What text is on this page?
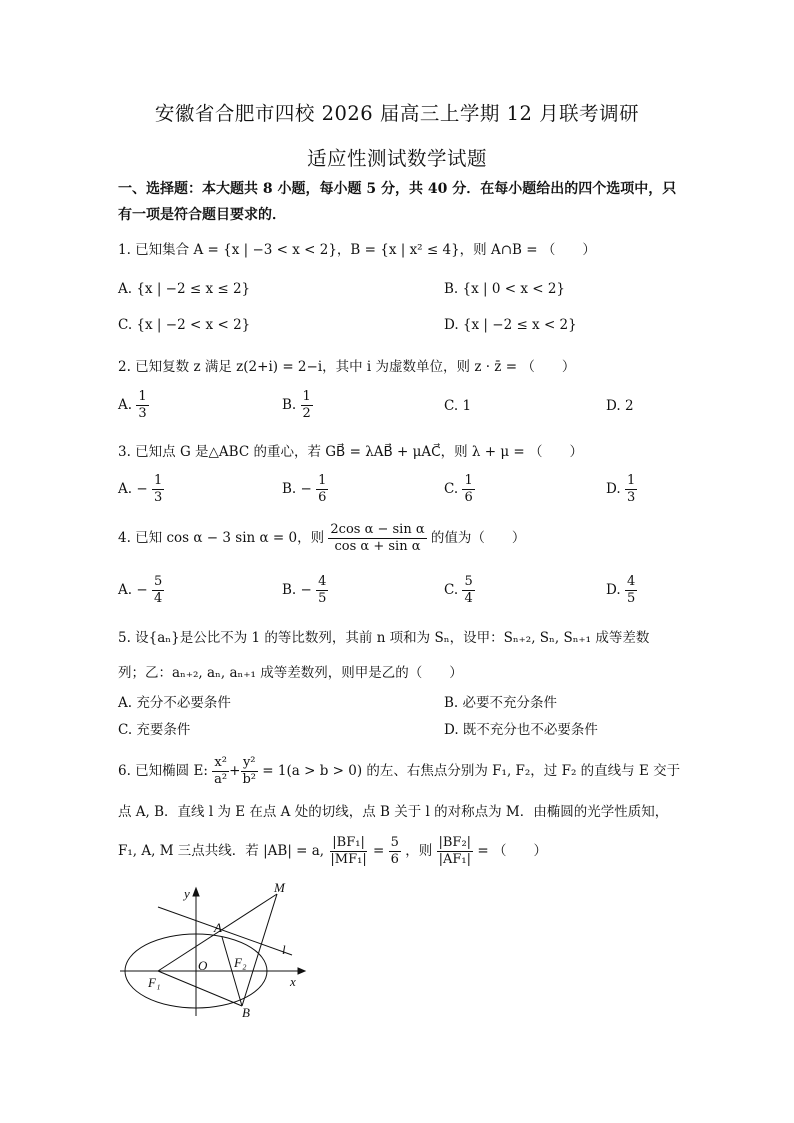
安徽省合肥市四校 2026 届高三上学期 12 月联考调研
适应性测试数学试题
一、选择题：本大题共 8 小题，每小题 5 分，共 40 分．在每小题给出的四个选项中，只有一项是符合题目要求的．
1. 已知集合 A = {x | −3 < x < 2}，B = {x | x² ≤ 4}，则 A∩B = （　　）
A. {x | −2 ≤ x ≤ 2}	B. {x | 0 < x < 2}
C. {x | −2 < x < 2}	D. {x | −2 ≤ x < 2}
2. 已知复数 z 满足 z(2+i) = 2−i，其中 i 为虚数单位，则 z · z̄ = （　　）
A. $\frac{1}{3}$	B. $\frac{1}{2}$	C. 1	D. 2
3. 已知点 G 是△ABC 的重心，若 GB⃗ = λAB⃗ + μAC⃗，则 λ + μ = （　　）
A. − $\frac{1}{3}$	B. − $\frac{1}{6}$	C. $\frac{1}{6}$	D. $\frac{1}{3}$
4. 已知 cos α − 3 sin α = 0，则 $\frac{\text{2cos α − sin α}}{\text{cos α + sin α}}$ 的值为（　　）
A. − $\frac{5}{4}$	B. − $\frac{4}{5}$	C. $\frac{5}{4}$	D. $\frac{4}{5}$
5. 设{aₙ}是公比不为 1 的等比数列，其前 n 项和为 Sₙ，设甲：Sₙ₊₂, Sₙ, Sₙ₊₁ 成等差数
列；乙：aₙ₊₂, aₙ, aₙ₊₁ 成等差数列，则甲是乙的（　　）
A. 充分不必要条件	B. 必要不充分条件
C. 充要条件	D. 既不充分也不必要条件
6. 已知椭圆 E: $\frac{\text{x²}}{\text{a²}} + \frac{\text{y²}}{\text{b²}} = 1(a > b > 0)$ 的左、右焦点分别为 F₁, F₂，过 F₂ 的直线与 E 交于
点 A, B．直线 l 为 E 在点 A 处的切线，点 B 关于 l 的对称点为 M．由椭圆的光学性质知，
F₁, A, M 三点共线．若 |AB| = a, $\frac{\text{|BF₁|}}{\text{|MF₁|}} = \frac{5}{6}$ ，则 $\frac{\text{|BF₂|}}{\text{|AF₁|}}$ = （　　）
y
x
M
A
l
O F₂
F₁
B
